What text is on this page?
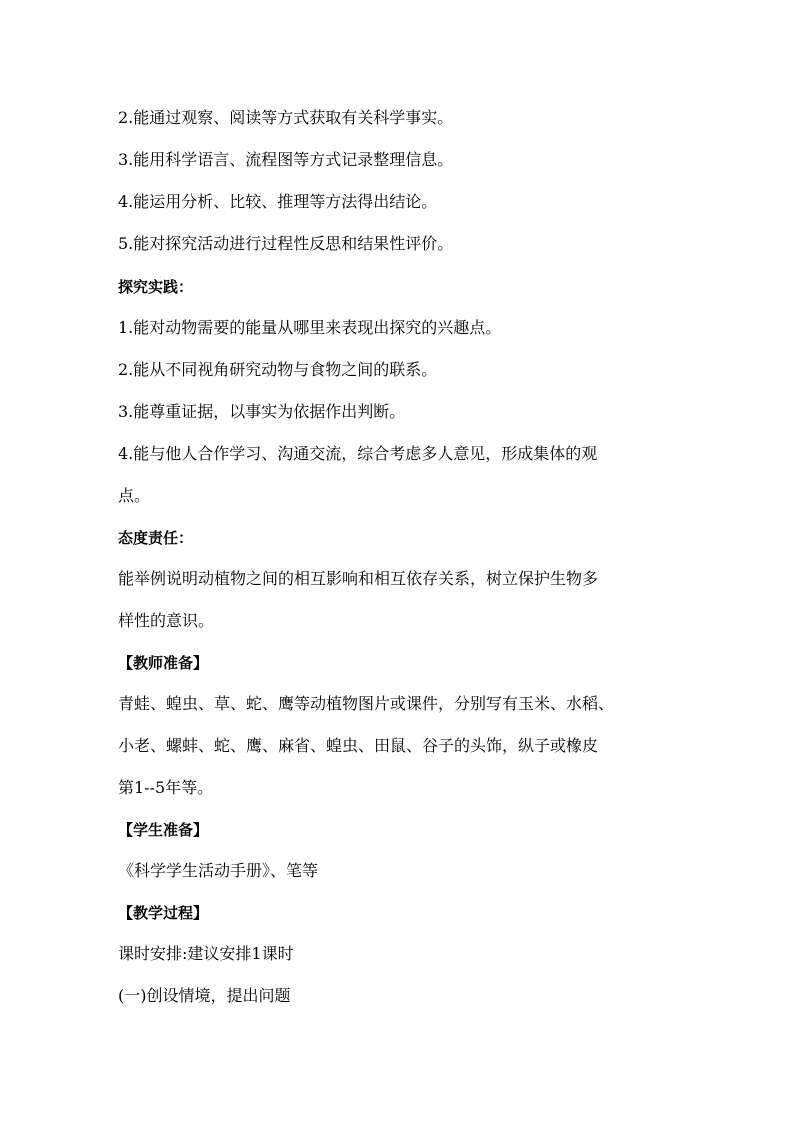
2.能通过观察、阅读等方式获取有关科学事实。
3.能用科学语言、流程图等方式记录整理信息。
4.能运用分析、比较、推理等方法得出结论。
5.能对探究活动进行过程性反思和结果性评价。
探究实践：
1.能对动物需要的能量从哪里来表现出探究的兴趣点。
2.能从不同视角研究动物与食物之间的联系。
3.能尊重证据，以事实为依据作出判断。
4.能与他人合作学习、沟通交流，综合考虑多人意见，形成集体的观
点。
态度责任：
能举例说明动植物之间的相互影响和相互依存关系，树立保护生物多
样性的意识。
【教师准备】
青蛙、蝗虫、草、蛇、鹰等动植物图片或课件，分别写有玉米、水稻、
小老、螺蚌、蛇、鹰、麻省、蝗虫、田鼠、谷子的头饰，纵子或橡皮
第1--5年等。
【学生准备】
《科学学生活动手册》、笔等
【教学过程】
课时安排:建议安排1课时
(一)创设情境，提出问题
